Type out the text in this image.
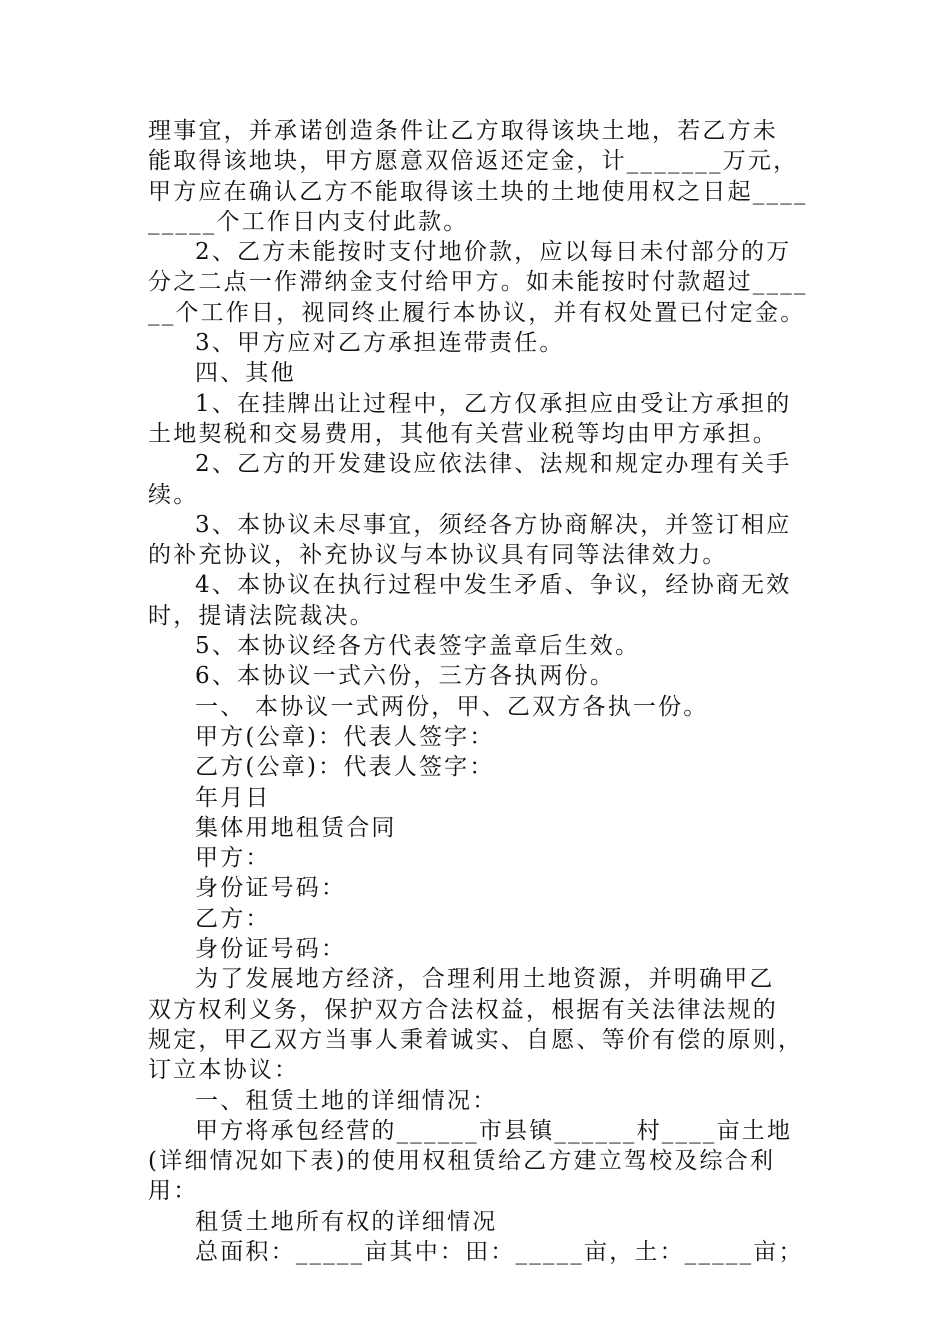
理事宜，并承诺创造条件让乙方取得该块土地，若乙方未
能取得该地块，甲方愿意双倍返还定金，计_______万元，
甲方应在确认乙方不能取得该土块的土地使用权之日起____
_____个工作日内支付此款。
2、乙方未能按时支付地价款，应以每日未付部分的万
分之二点一作滞纳金支付给甲方。如未能按时付款超过____
__个工作日，视同终止履行本协议，并有权处置已付定金。
3、甲方应对乙方承担连带责任。
四、其他
1、在挂牌出让过程中，乙方仅承担应由受让方承担的
土地契税和交易费用，其他有关营业税等均由甲方承担。
2、乙方的开发建设应依法律、法规和规定办理有关手
续。
3、本协议未尽事宜，须经各方协商解决，并签订相应
的补充协议，补充协议与本协议具有同等法律效力。
4、本协议在执行过程中发生矛盾、争议，经协商无效
时，提请法院裁决。
5、本协议经各方代表签字盖章后生效。
6、本协议一式六份，三方各执两份。
一、 本协议一式两份，甲、乙双方各执一份。
甲方(公章)：代表人签字：
乙方(公章)：代表人签字：
年月日
集体用地租赁合同
甲方：
身份证号码：
乙方：
身份证号码：
为了发展地方经济，合理利用土地资源，并明确甲乙
双方权利义务，保护双方合法权益，根据有关法律法规的
规定，甲乙双方当事人秉着诚实、自愿、等价有偿的原则，
订立本协议：
一、租赁土地的详细情况：
甲方将承包经营的______市县镇______村____亩土地
(详细情况如下表)的使用权租赁给乙方建立驾校及综合利
用：
租赁土地所有权的详细情况
总面积：_____亩其中：田：_____亩，土：_____亩；
